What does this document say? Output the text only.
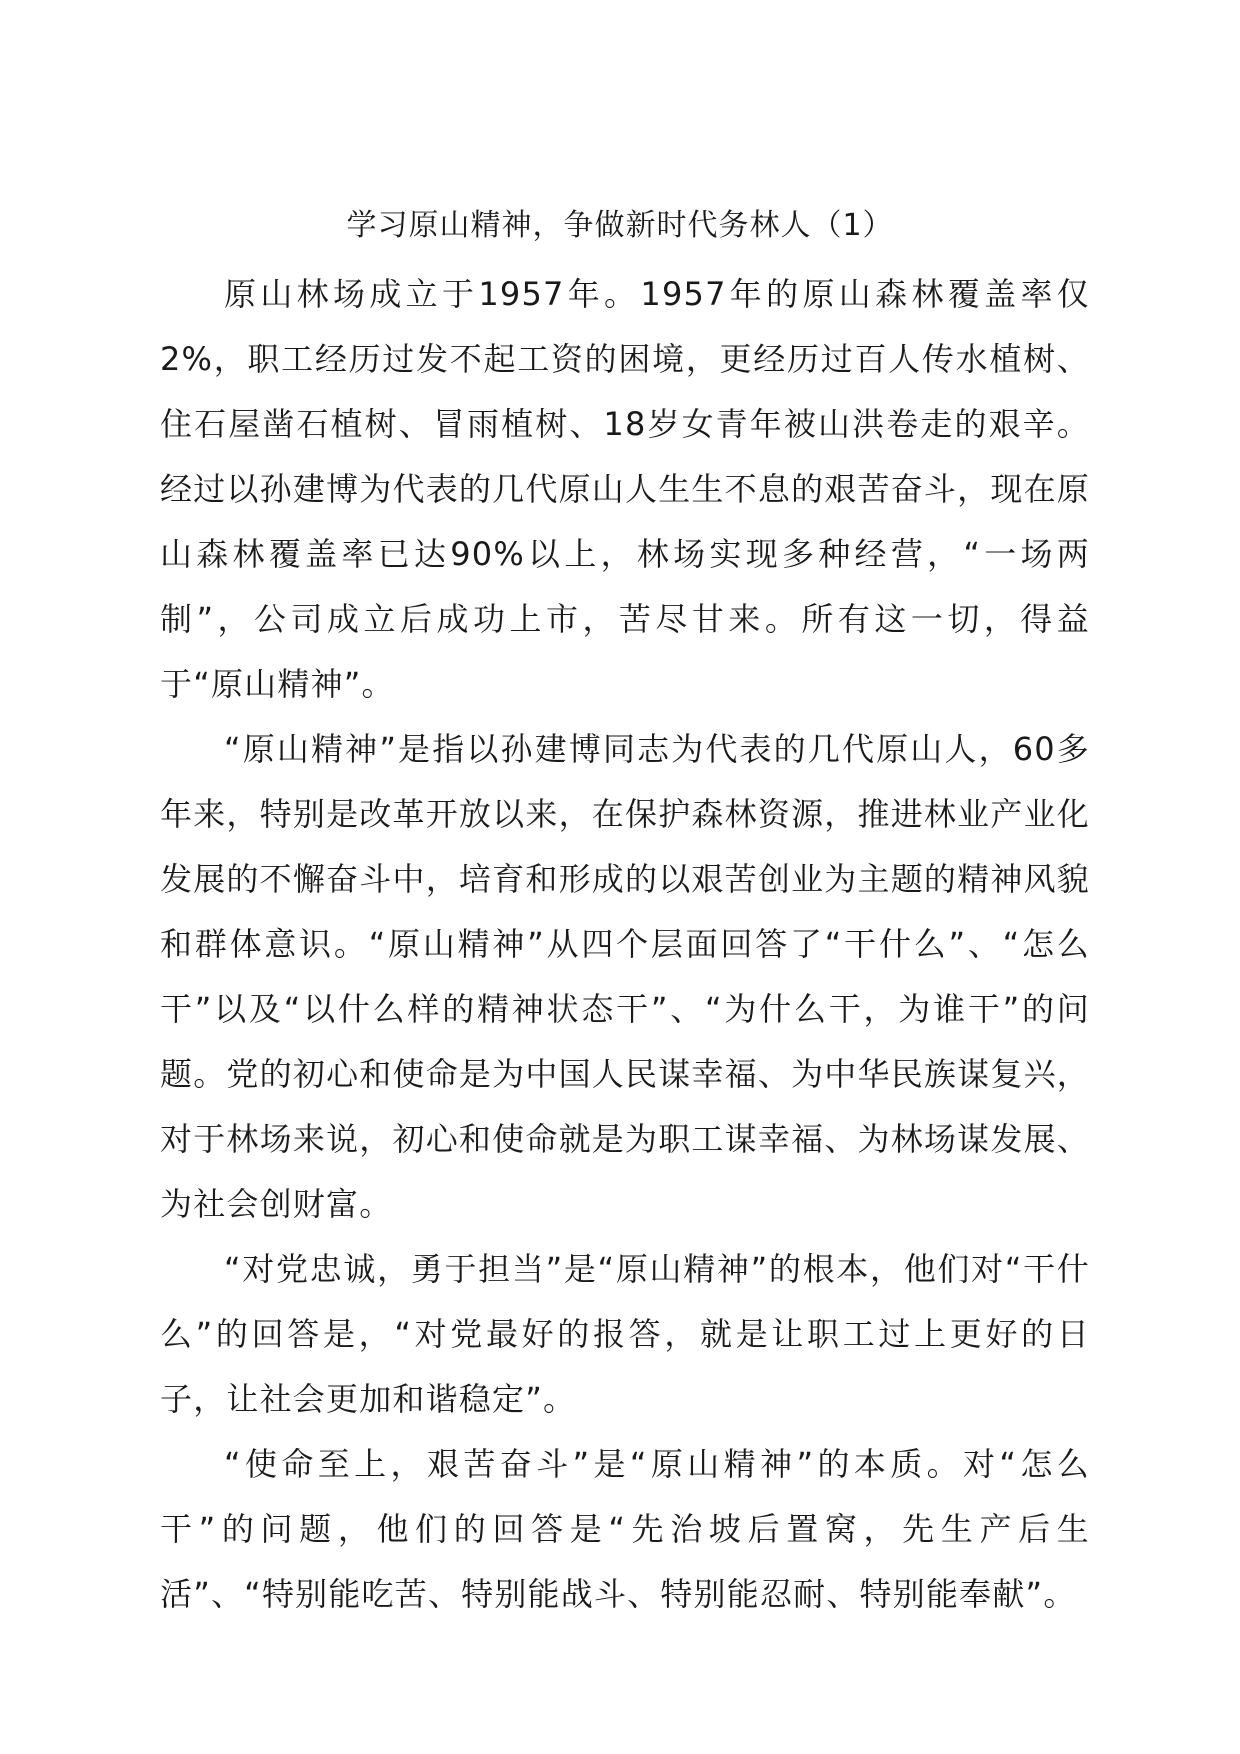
学习原山精神，争做新时代务林人（1）

原山林场成立于1957年。1957年的原山森林覆盖率仅2%，职工经历过发不起工资的困境，更经历过百人传水植树、住石屋凿石植树、冒雨植树、18岁女青年被山洪卷走的艰辛。经过以孙建博为代表的几代原山人生生不息的艰苦奋斗，现在原山森林覆盖率已达90%以上，林场实现多种经营，“一场两制”，公司成立后成功上市，苦尽甘来。所有这一切，得益于“原山精神”。

“原山精神”是指以孙建博同志为代表的几代原山人，60多年来，特别是改革开放以来，在保护森林资源，推进林业产业化发展的不懈奋斗中，培育和形成的以艰苦创业为主题的精神风貌和群体意识。“原山精神”从四个层面回答了“干什么”、“怎么干”以及“以什么样的精神状态干”、“为什么干，为谁干”的问题。党的初心和使命是为中国人民谋幸福、为中华民族谋复兴，对于林场来说，初心和使命就是为职工谋幸福、为林场谋发展、为社会创财富。

“对党忠诚，勇于担当”是“原山精神”的根本，他们对“干什么”的回答是，“对党最好的报答，就是让职工过上更好的日子，让社会更加和谐稳定”。

“使命至上，艰苦奋斗”是“原山精神”的本质。对“怎么干”的问题，他们的回答是“先治坡后置窝，先生产后生活”、“特别能吃苦、特别能战斗、特别能忍耐、特别能奉献”。
